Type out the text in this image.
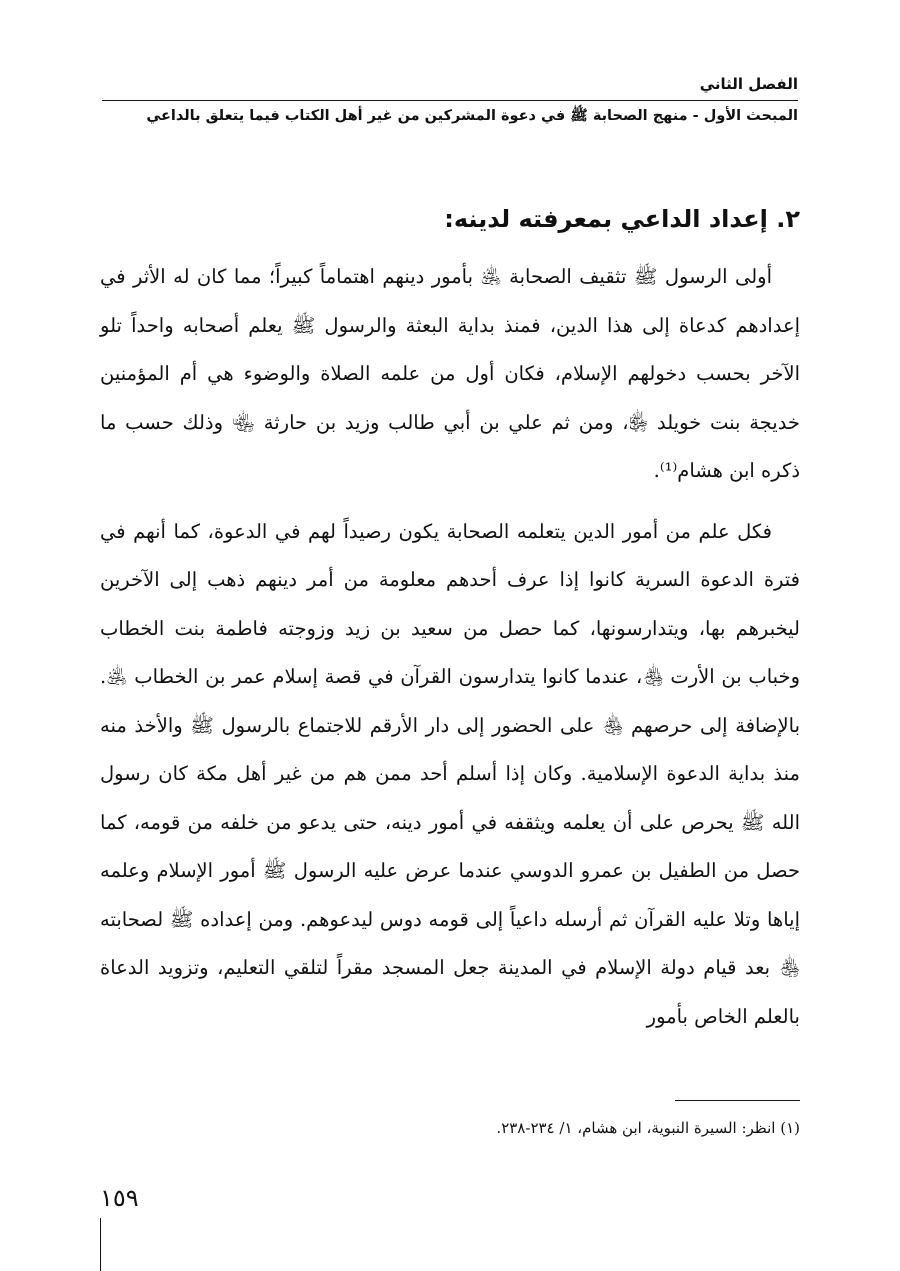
الفصل الثاني
المبحث الأول - منهج الصحابة ﷺ في دعوة المشركين من غير أهل الكتاب فيما يتعلق بالداعي
٢. إعداد الداعي بمعرفته لدينه:

أولى الرسول ﷺ تثقيف الصحابة ﵁ بأمور دينهم اهتماماً كبيراً؛ مما كان له الأثر في إعدادهم كدعاة إلى هذا الدين، فمنذ بداية البعثة والرسول ﷺ يعلم أصحابه واحداً تلو الآخر بحسب دخولهم الإسلام، فكان أول من علمه الصلاة والوضوء هي أم المؤمنين خديجة بنت خويلد ﵂، ومن ثم علي بن أبي طالب وزيد بن حارثة ﵄ وذلك حسب ما ذكره ابن هشام⁽¹⁾.

فكل علم من أمور الدين يتعلمه الصحابة يكون رصيداً لهم في الدعوة، كما أنهم في فترة الدعوة السرية كانوا إذا عرف أحدهم معلومة من أمر دينهم ذهب إلى الآخرين ليخبرهم بها، ويتدارسونها، كما حصل من سعيد بن زيد وزوجته فاطمة بنت الخطاب وخباب بن الأرت ﵃، عندما كانوا يتدارسون القرآن في قصة إسلام عمر بن الخطاب ﵁. بالإضافة إلى حرصهم ﵃ على الحضور إلى دار الأرقم للاجتماع بالرسول ﷺ والأخذ منه منذ بداية الدعوة الإسلامية. وكان إذا أسلم أحد ممن هم من غير أهل مكة كان رسول الله ﷺ يحرص على أن يعلمه ويثقفه في أمور دينه، حتى يدعو من خلفه من قومه، كما حصل من الطفيل بن عمرو الدوسي عندما عرض عليه الرسول ﷺ أمور الإسلام وعلمه إياها وتلا عليه القرآن ثم أرسله داعياً إلى قومه دوس ليدعوهم. ومن إعداده ﷺ لصحابته ﵃ بعد قيام دولة الإسلام في المدينة جعل المسجد مقراً لتلقي التعليم، وتزويد الدعاة بالعلم الخاص بأمور

(١) انظر: السيرة النبوية، ابن هشام، ١/ ٢٣٤-٢٣٨.
١٥٩
